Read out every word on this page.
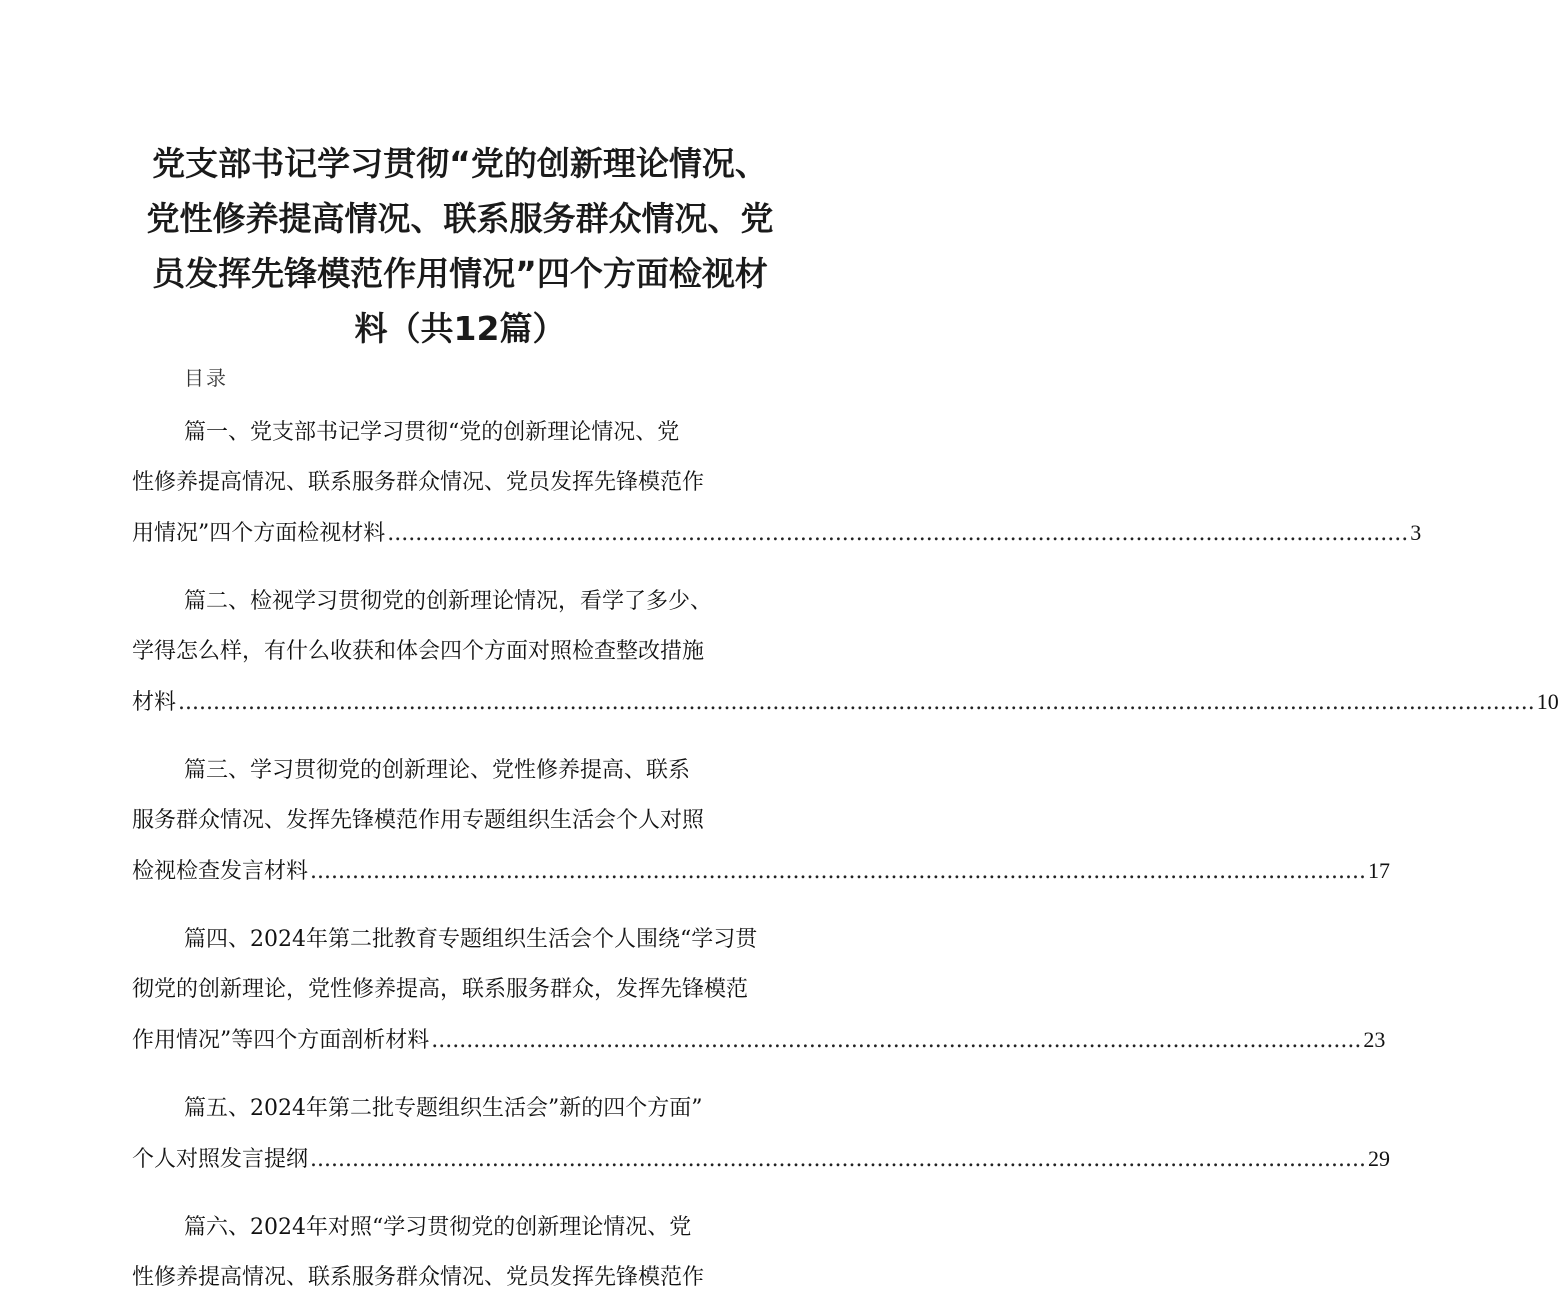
党支部书记学习贯彻“党的创新理论情况、
党性修养提高情况、联系服务群众情况、党
员发挥先锋模范作用情况”四个方面检视材
料（共12篇）

目录

篇一、党支部书记学习贯彻“党的创新理论情况、党
性修养提高情况、联系服务群众情况、党员发挥先锋模范作
用情况”四个方面检视材料 .................................................................................................................................................. 3
篇二、检视学习贯彻党的创新理论情况，看学了多少、
学得怎么样，有什么收获和体会四个方面对照检查整改措施
材料 .................................................................................................................................................................................................. 10
篇三、学习贯彻党的创新理论、党性修养提高、联系
服务群众情况、发挥先锋模范作用专题组织生活会个人对照
检视检查发言材料 ....................................................................................................................................................... 17
篇四、2024年第二批教育专题组织生活会个人围绕“学习贯
彻党的创新理论，党性修养提高，联系服务群众，发挥先锋模范
作用情况”等四个方面剖析材料 ..................................................................................................................................... 23
篇五、2024年第二批专题组织生活会”新的四个方面”
个人对照发言提纲 ....................................................................................................................................................... 29
篇六、2024年对照“学习贯彻党的创新理论情况、党
性修养提高情况、联系服务群众情况、党员发挥先锋模范作
